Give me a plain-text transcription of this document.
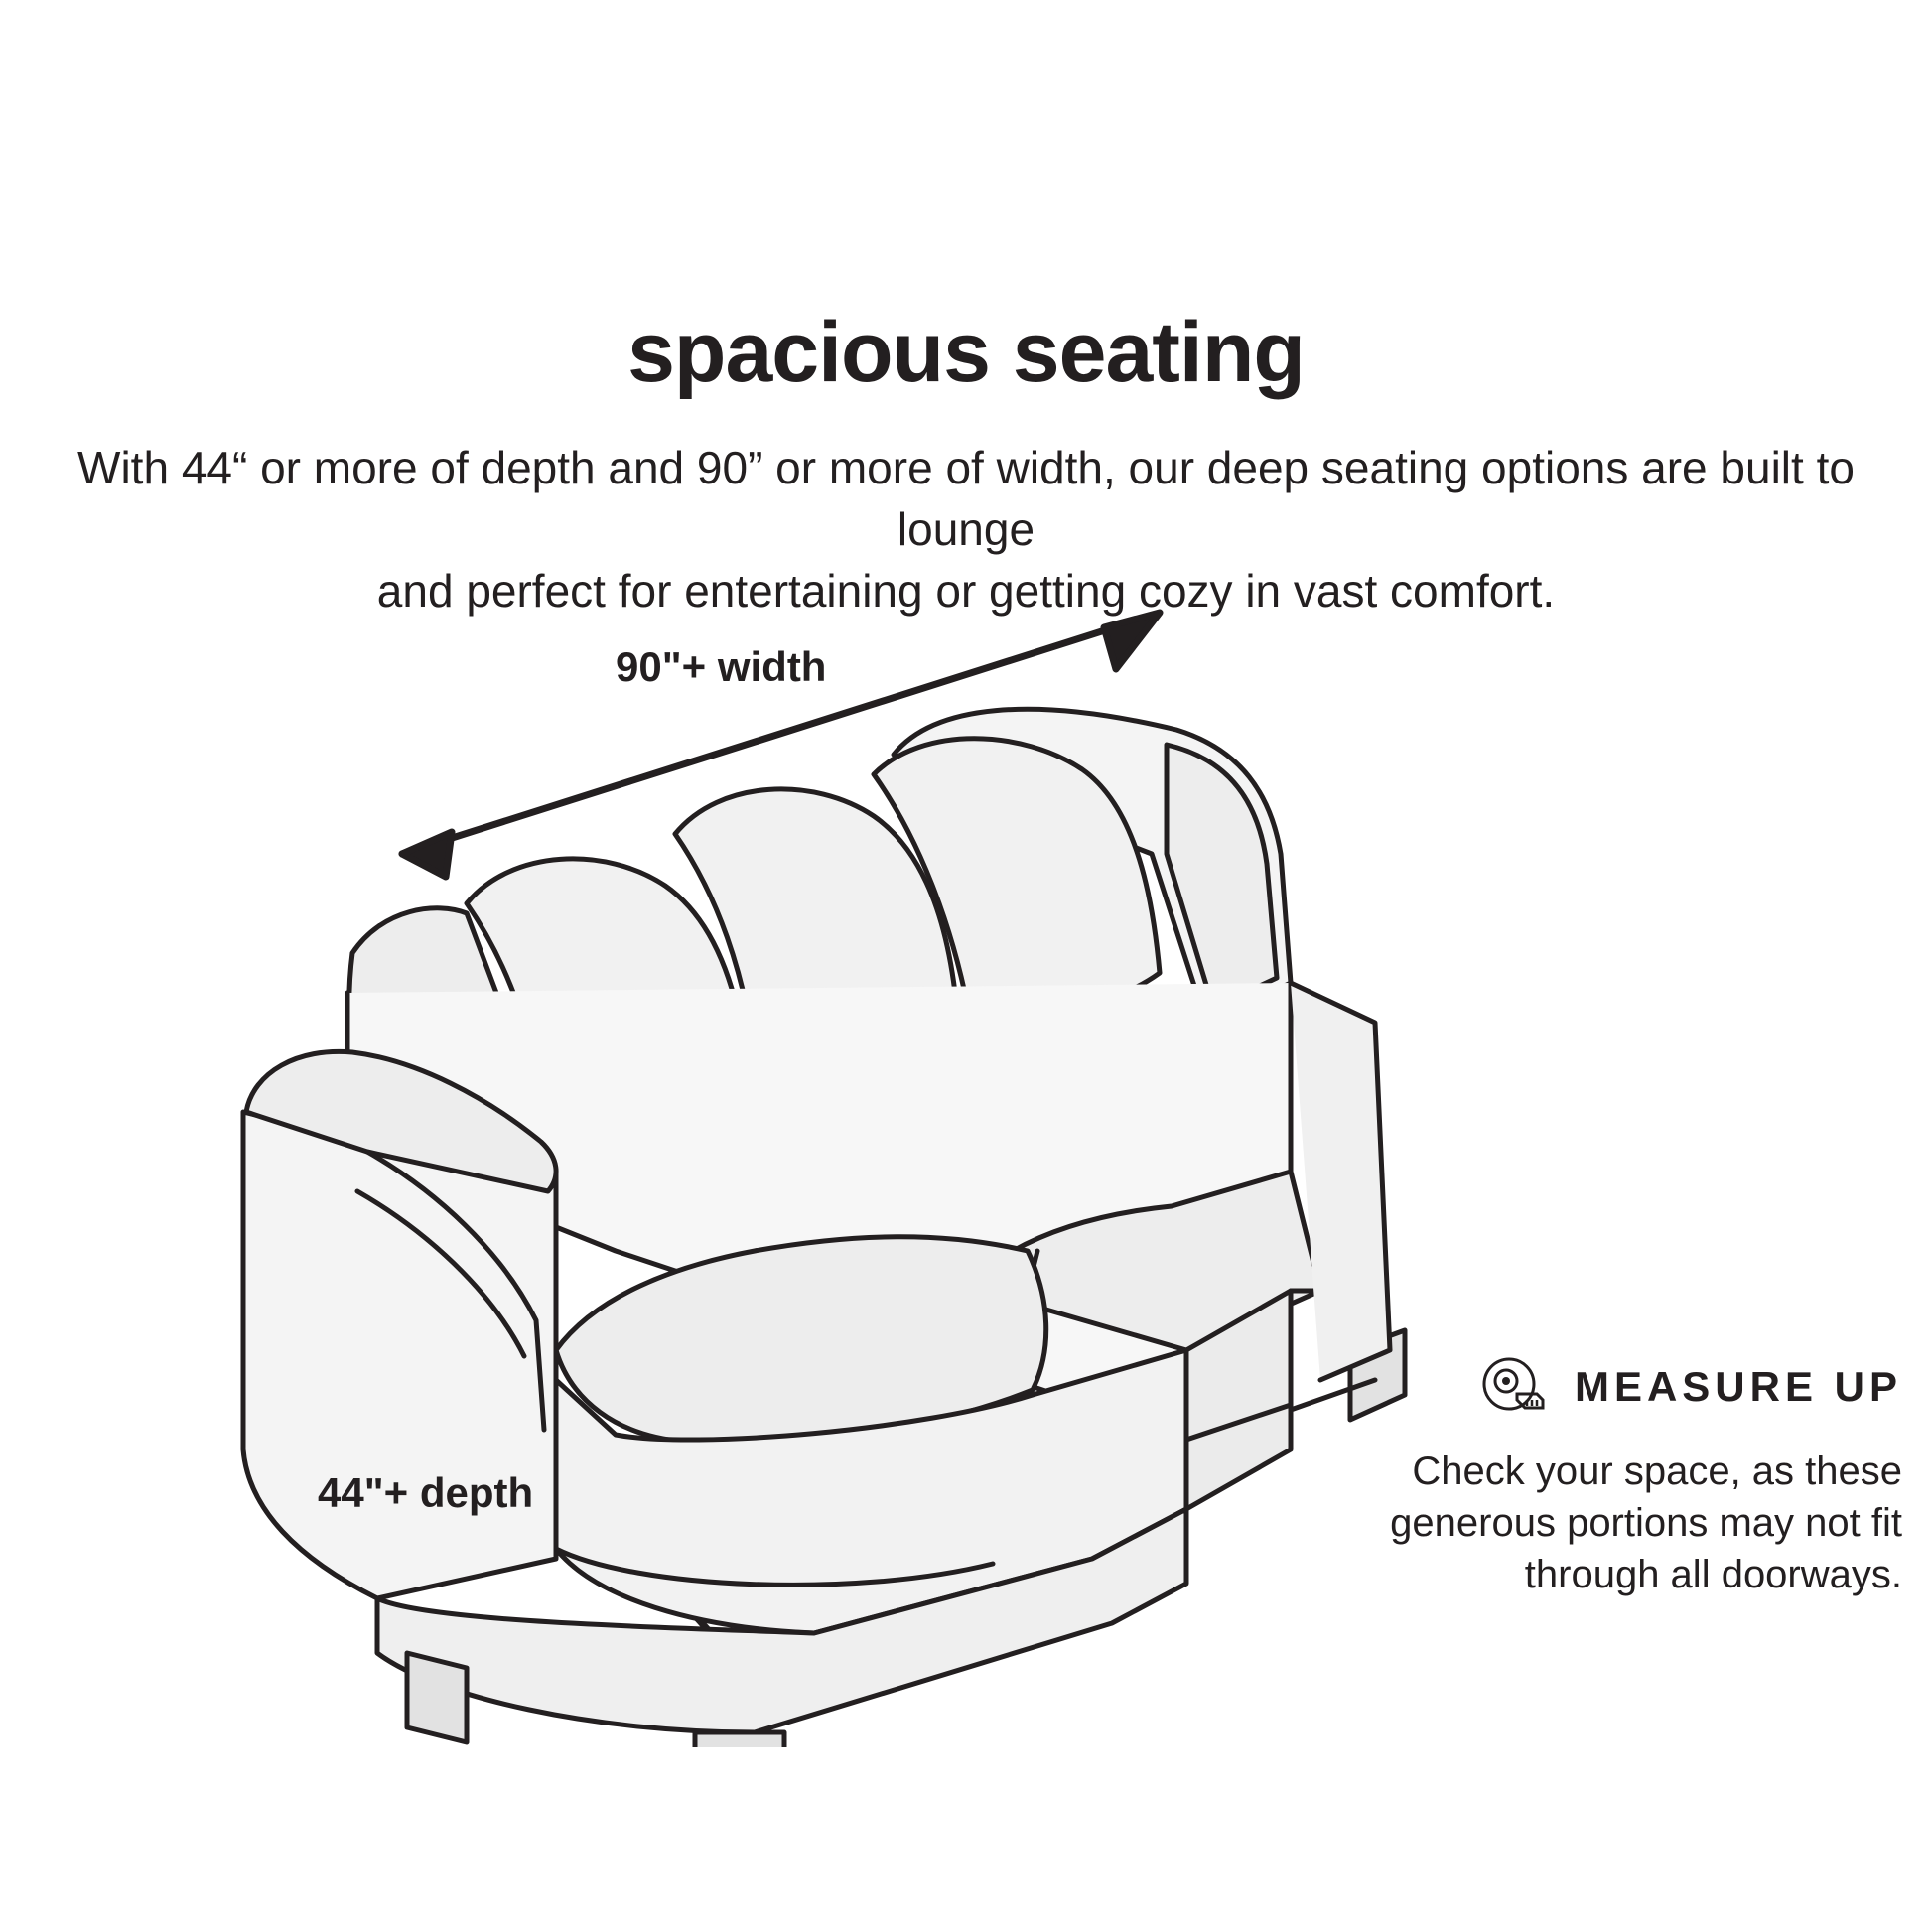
spacious seating
With 44“ or more of depth and 90” or more of width, our deep seating options are built to lounge
and perfect for entertaining or getting cozy in vast comfort.
90"+ width
44"+ depth
MEASURE UP
Check your space, as these
generous portions may not fit
through all doorways.
